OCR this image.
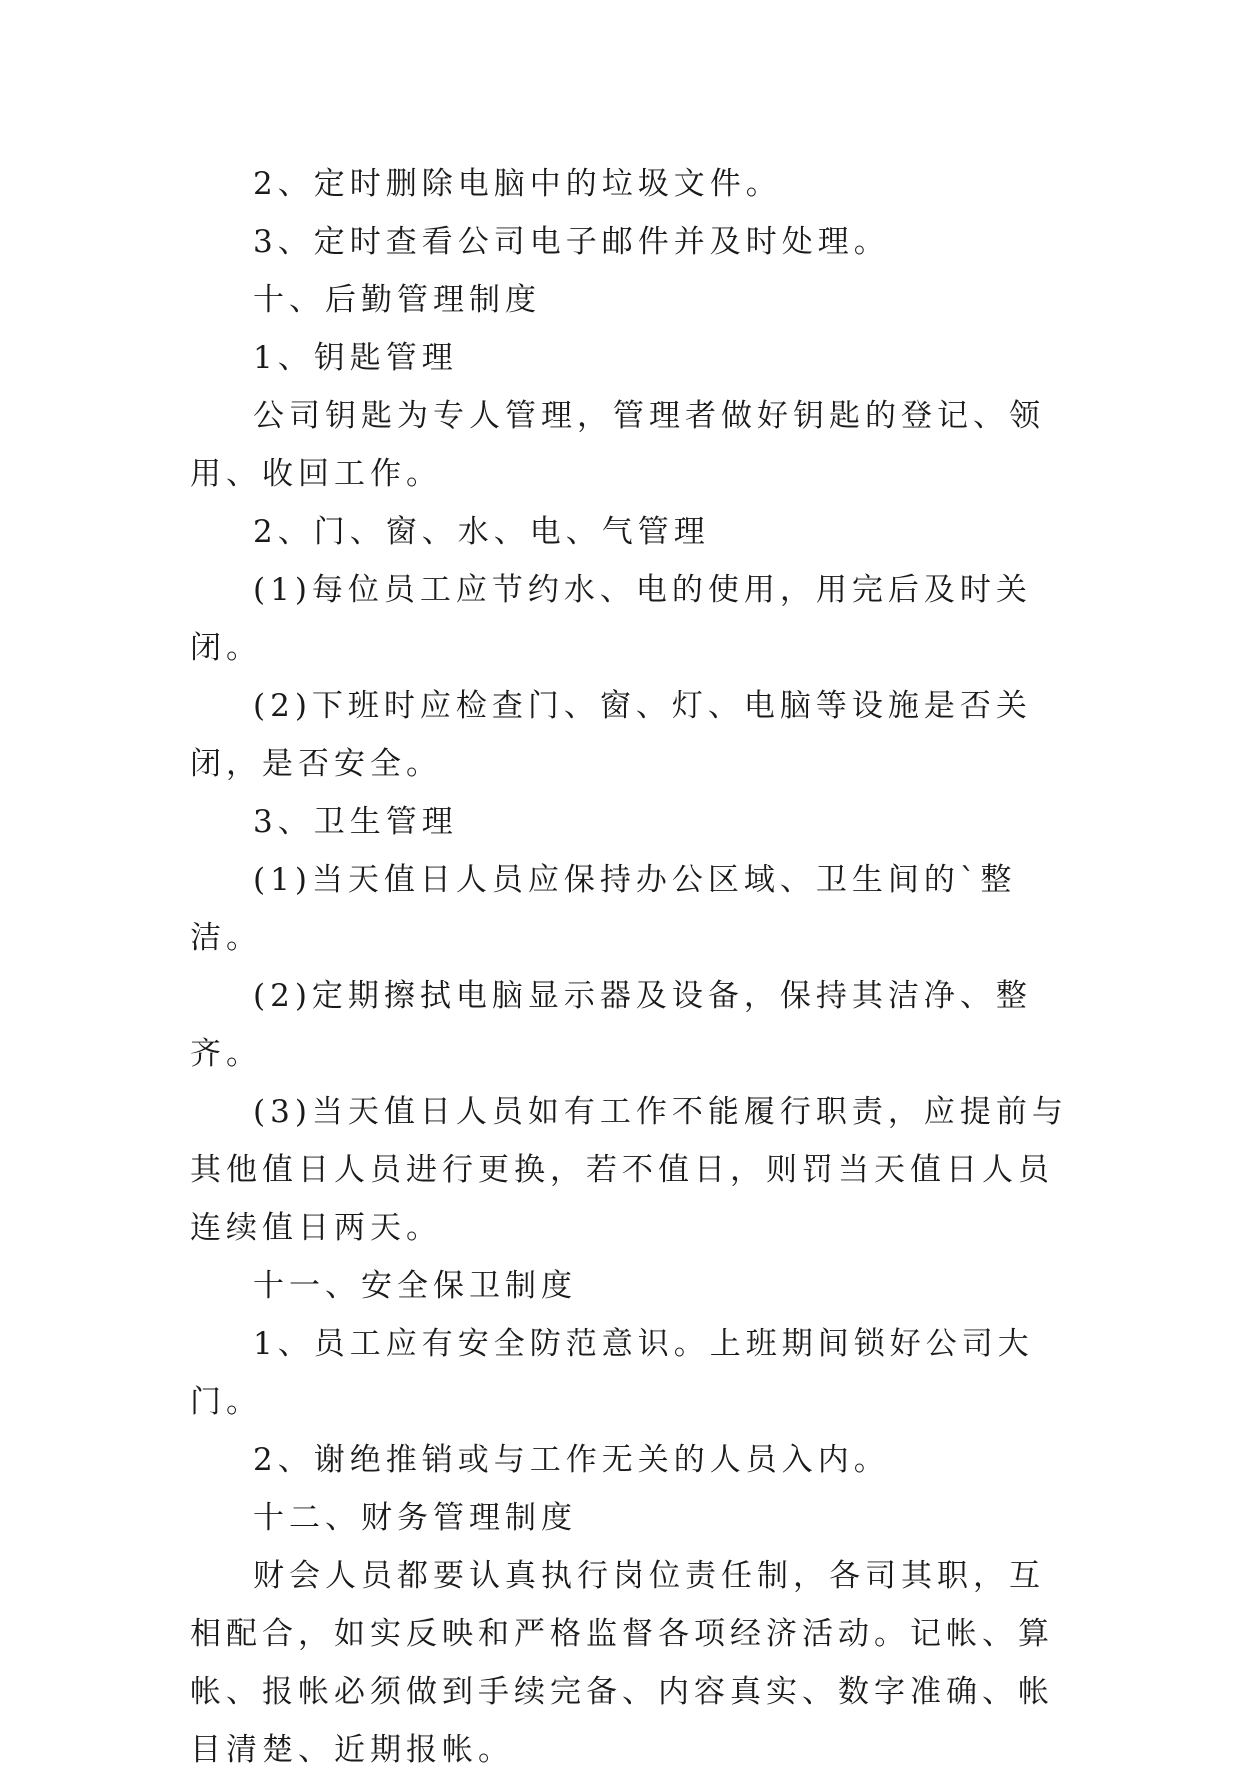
2、定时删除电脑中的垃圾文件。

3、定时查看公司电子邮件并及时处理。

十、后勤管理制度

1、钥匙管理

公司钥匙为专人管理，管理者做好钥匙的登记、领用、收回工作。

2、门、窗、水、电、气管理

(1)每位员工应节约水、电的使用，用完后及时关闭。

(2)下班时应检查门、窗、灯、电脑等设施是否关闭，是否安全。

3、卫生管理

(1)当天值日人员应保持办公区域、卫生间的`整洁。

(2)定期擦拭电脑显示器及设备，保持其洁净、整齐。

(3)当天值日人员如有工作不能履行职责，应提前与其他值日人员进行更换，若不值日，则罚当天值日人员连续值日两天。

十一、安全保卫制度

1、员工应有安全防范意识。上班期间锁好公司大门。

2、谢绝推销或与工作无关的人员入内。

十二、财务管理制度

财会人员都要认真执行岗位责任制，各司其职，互相配合，如实反映和严格监督各项经济活动。记帐、算帐、报帐必须做到手续完备、内容真实、数字准确、帐目清楚、近期报帐。
